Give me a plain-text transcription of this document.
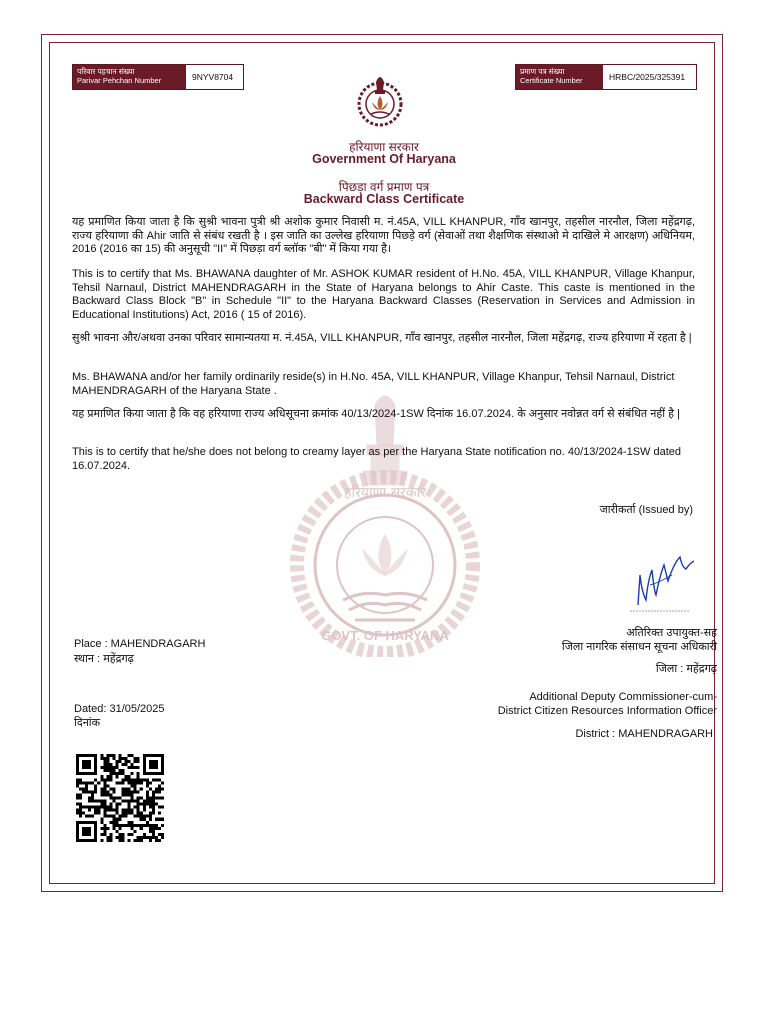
हरियाणा सरकार
GOVT. OF HARYANA
परिवार पहचान संख्या
Parivar Pehchan Number	9NYV8704
प्रमाण पत्र संख्या
Certificate Number	HRBC/2025/325391
हरियाणा सरकार
Government Of Haryana
पिछड़ा वर्ग प्रमाण पत्र
Backward Class Certificate

यह प्रमाणित किया जाता है कि सुश्री भावना पुत्री श्री अशोक कुमार निवासी म. नं.45A, VILL KHANPUR, गाँव खानपुर, तहसील नारनौल, जिला महेंद्रगढ़, राज्य हरियाणा की Ahir जाति से संबंध रखती है । इस जाति का उल्लेख हरियाणा पिछड़े वर्ग (सेवाओं तथा शैक्षणिक संस्थाओ मे दाखिले मे आरक्षण) अधिनियम, 2016 (2016 का 15) की अनुसूची "II" में पिछड़ा वर्ग ब्लॉक "बी" में किया गया है।

This is to certify that Ms. BHAWANA daughter of Mr. ASHOK KUMAR resident of H.No. 45A, VILL KHANPUR, Village Khanpur, Tehsil Narnaul, District MAHENDRAGARH in the State of Haryana belongs to Ahir Caste. This caste is mentioned in the Backward Class Block "B" in Schedule "II" to the Haryana Backward Classes (Reservation in Services and Admission in Educational Institutions) Act, 2016 ( 15 of 2016).

सुश्री भावना और/अथवा उनका परिवार सामान्यतया म. नं.45A, VILL KHANPUR, गाँव खानपुर, तहसील नारनौल, जिला महेंद्रगढ़, राज्य हरियाणा में रहता है |

Ms. BHAWANA and/or her family ordinarily reside(s) in H.No. 45A, VILL KHANPUR, Village Khanpur, Tehsil Narnaul, District MAHENDRAGARH of the Haryana State .

यह प्रमाणित किया जाता है कि वह हरियाणा राज्य अधिसूचना क्रमांक 40/13/2024-1SW दिनांक 16.07.2024. के अनुसार नवोन्नत वर्ग से संबंधित नहीं है |

This is to certify that he/she does not belong to creamy layer as per the Haryana State notification no. 40/13/2024-1SW dated 16.07.2024.

जारीकर्ता (Issued by)
अतिरिक्त उपायुक्त-सह
जिला नागरिक संसाधन सूचना अधिकारी
Place : MAHENDRAGARH
स्थान : महेंद्रगढ़
जिला : महेंद्रगढ़
Additional Deputy Commissioner-cum-
District Citizen Resources Information Officer
Dated: 31/05/2025
दिनांक
District : MAHENDRAGARH
